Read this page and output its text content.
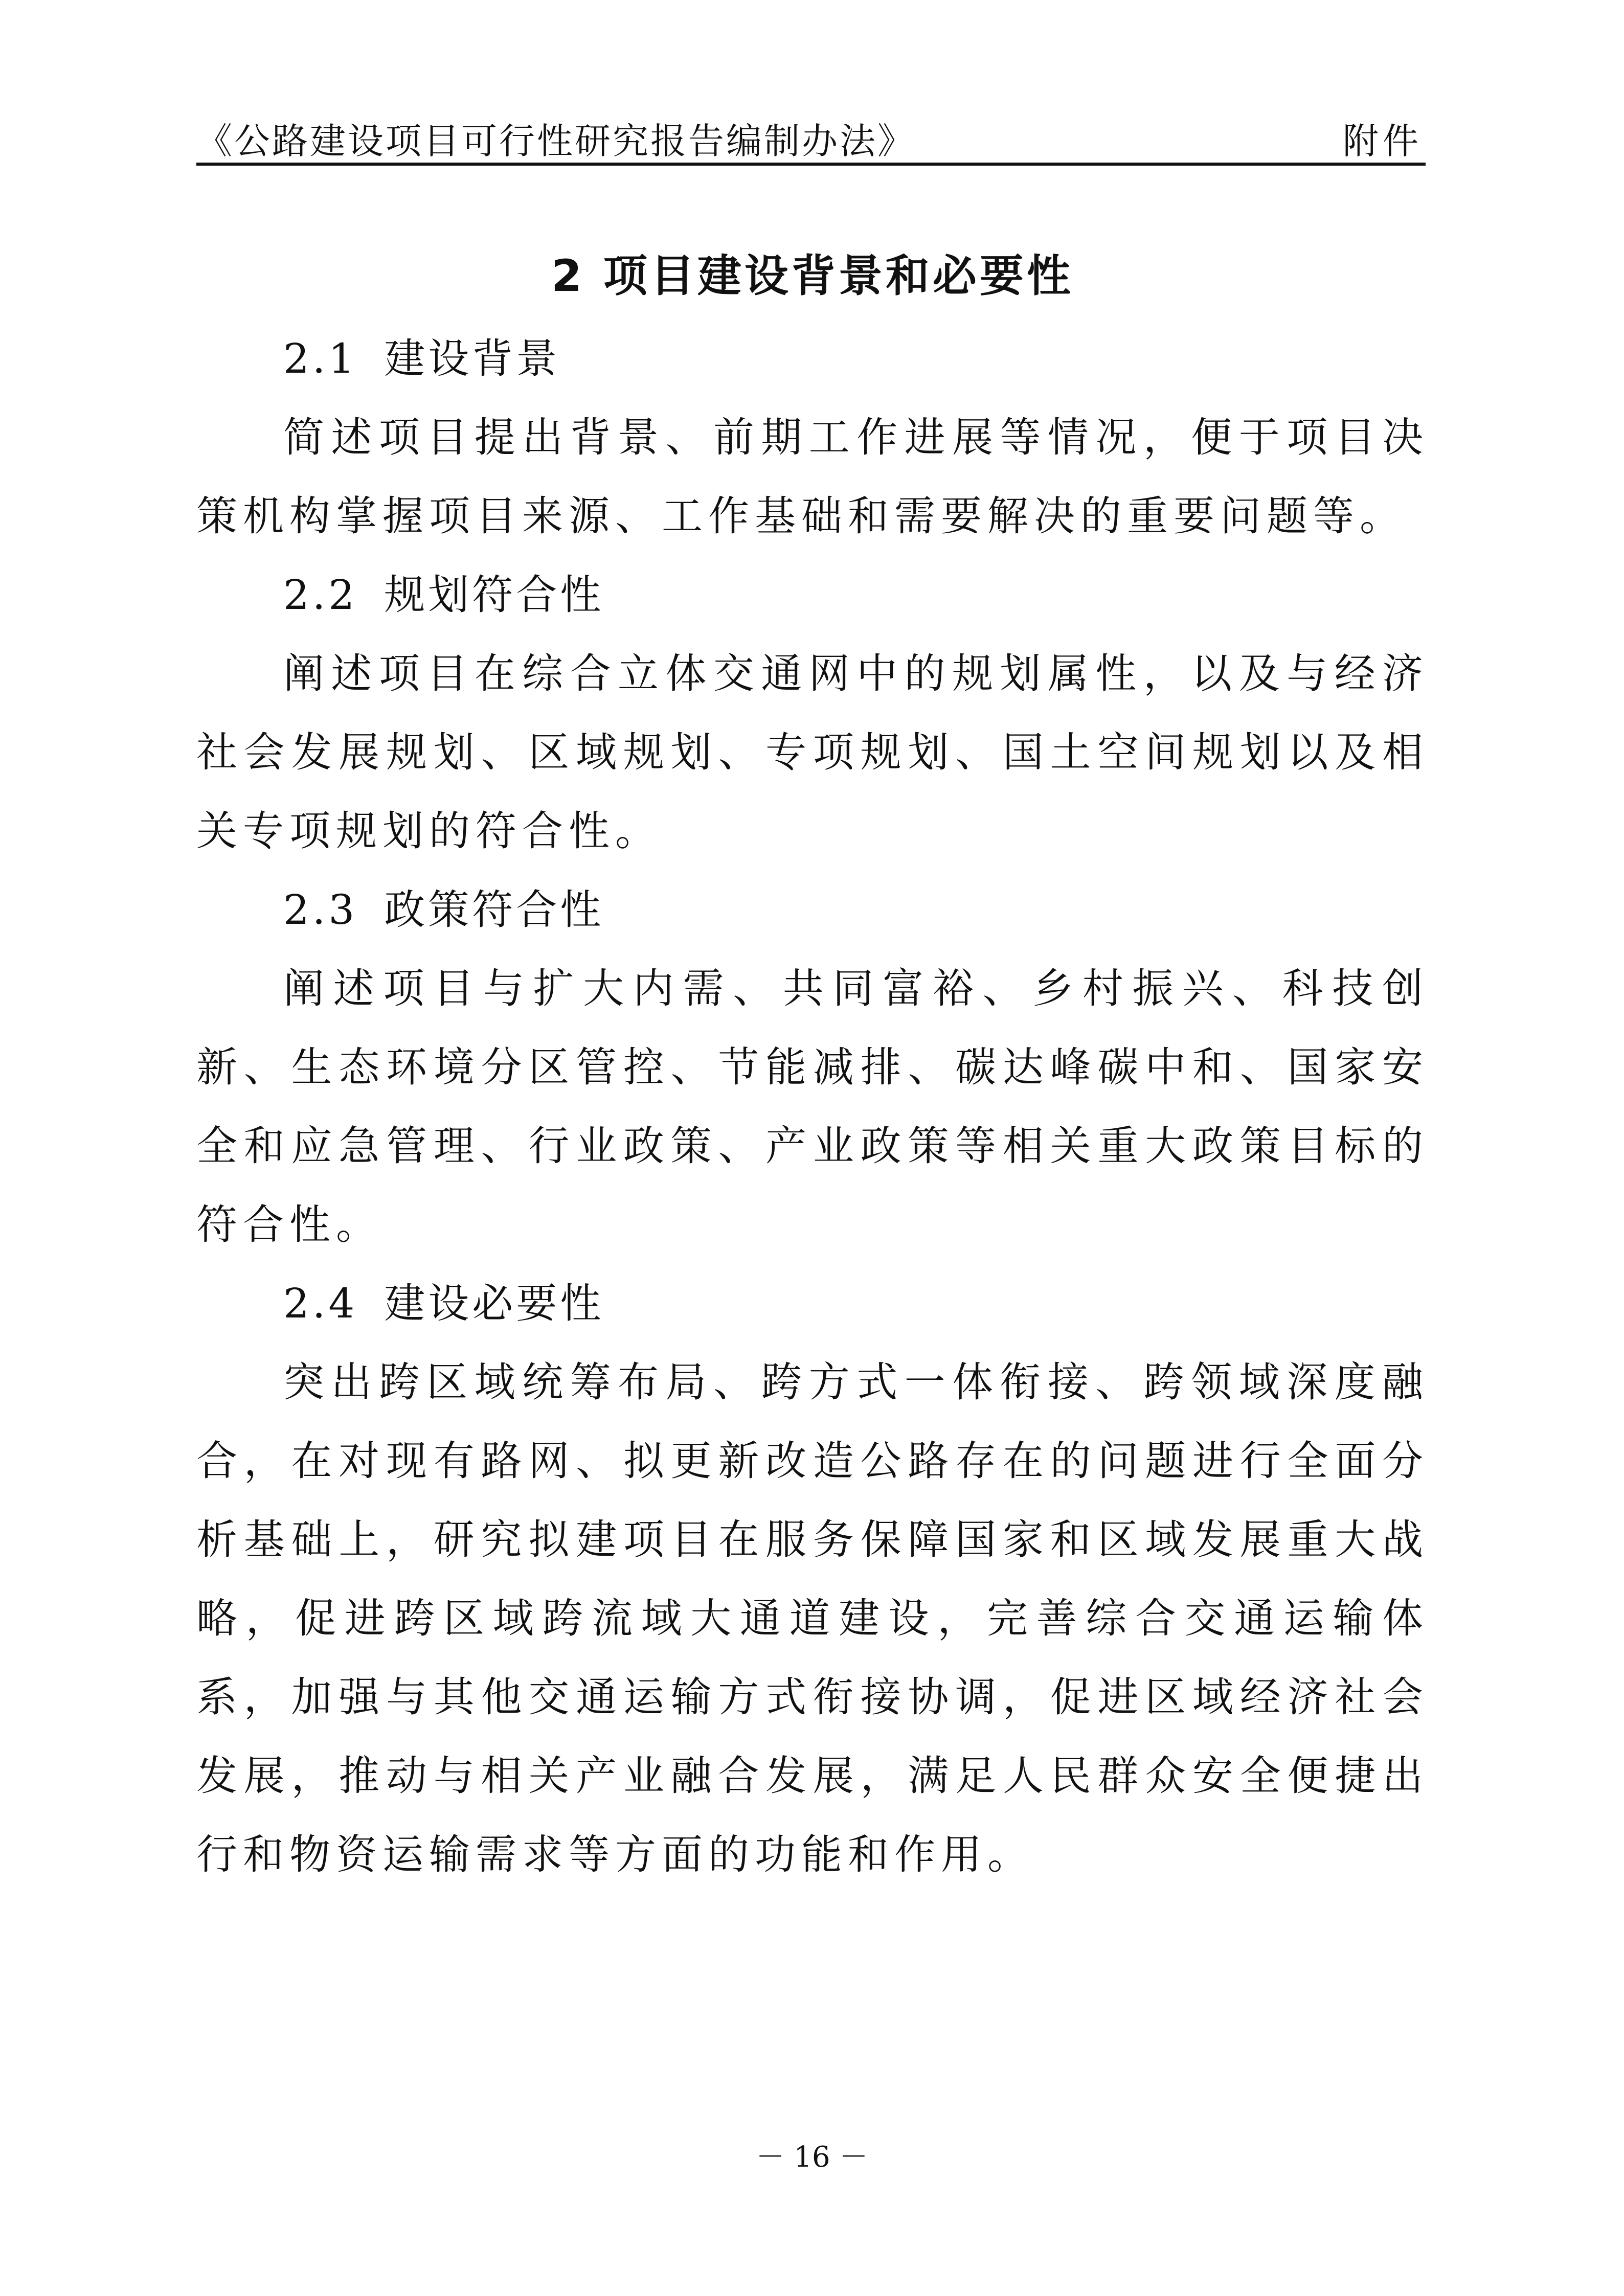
《公路建设项目可行性研究报告编制办法》	附件
2 项目建设背景和必要性

2.1 建设背景

简述项目提出背景、前期工作进展等情况，便于项目决策机构掌握项目来源、工作基础和需要解决的重要问题等。

2.2 规划符合性

阐述项目在综合立体交通网中的规划属性，以及与经济社会发展规划、区域规划、专项规划、国土空间规划以及相关专项规划的符合性。

2.3 政策符合性

阐述项目与扩大内需、共同富裕、乡村振兴、科技创新、生态环境分区管控、节能减排、碳达峰碳中和、国家安全和应急管理、行业政策、产业政策等相关重大政策目标的符合性。

2.4 建设必要性

突出跨区域统筹布局、跨方式一体衔接、跨领域深度融合，在对现有路网、拟更新改造公路存在的问题进行全面分析基础上，研究拟建项目在服务保障国家和区域发展重大战略，促进跨区域跨流域大通道建设，完善综合交通运输体系，加强与其他交通运输方式衔接协调，促进区域经济社会发展，推动与相关产业融合发展，满足人民群众安全便捷出行和物资运输需求等方面的功能和作用。

－ 16 －
